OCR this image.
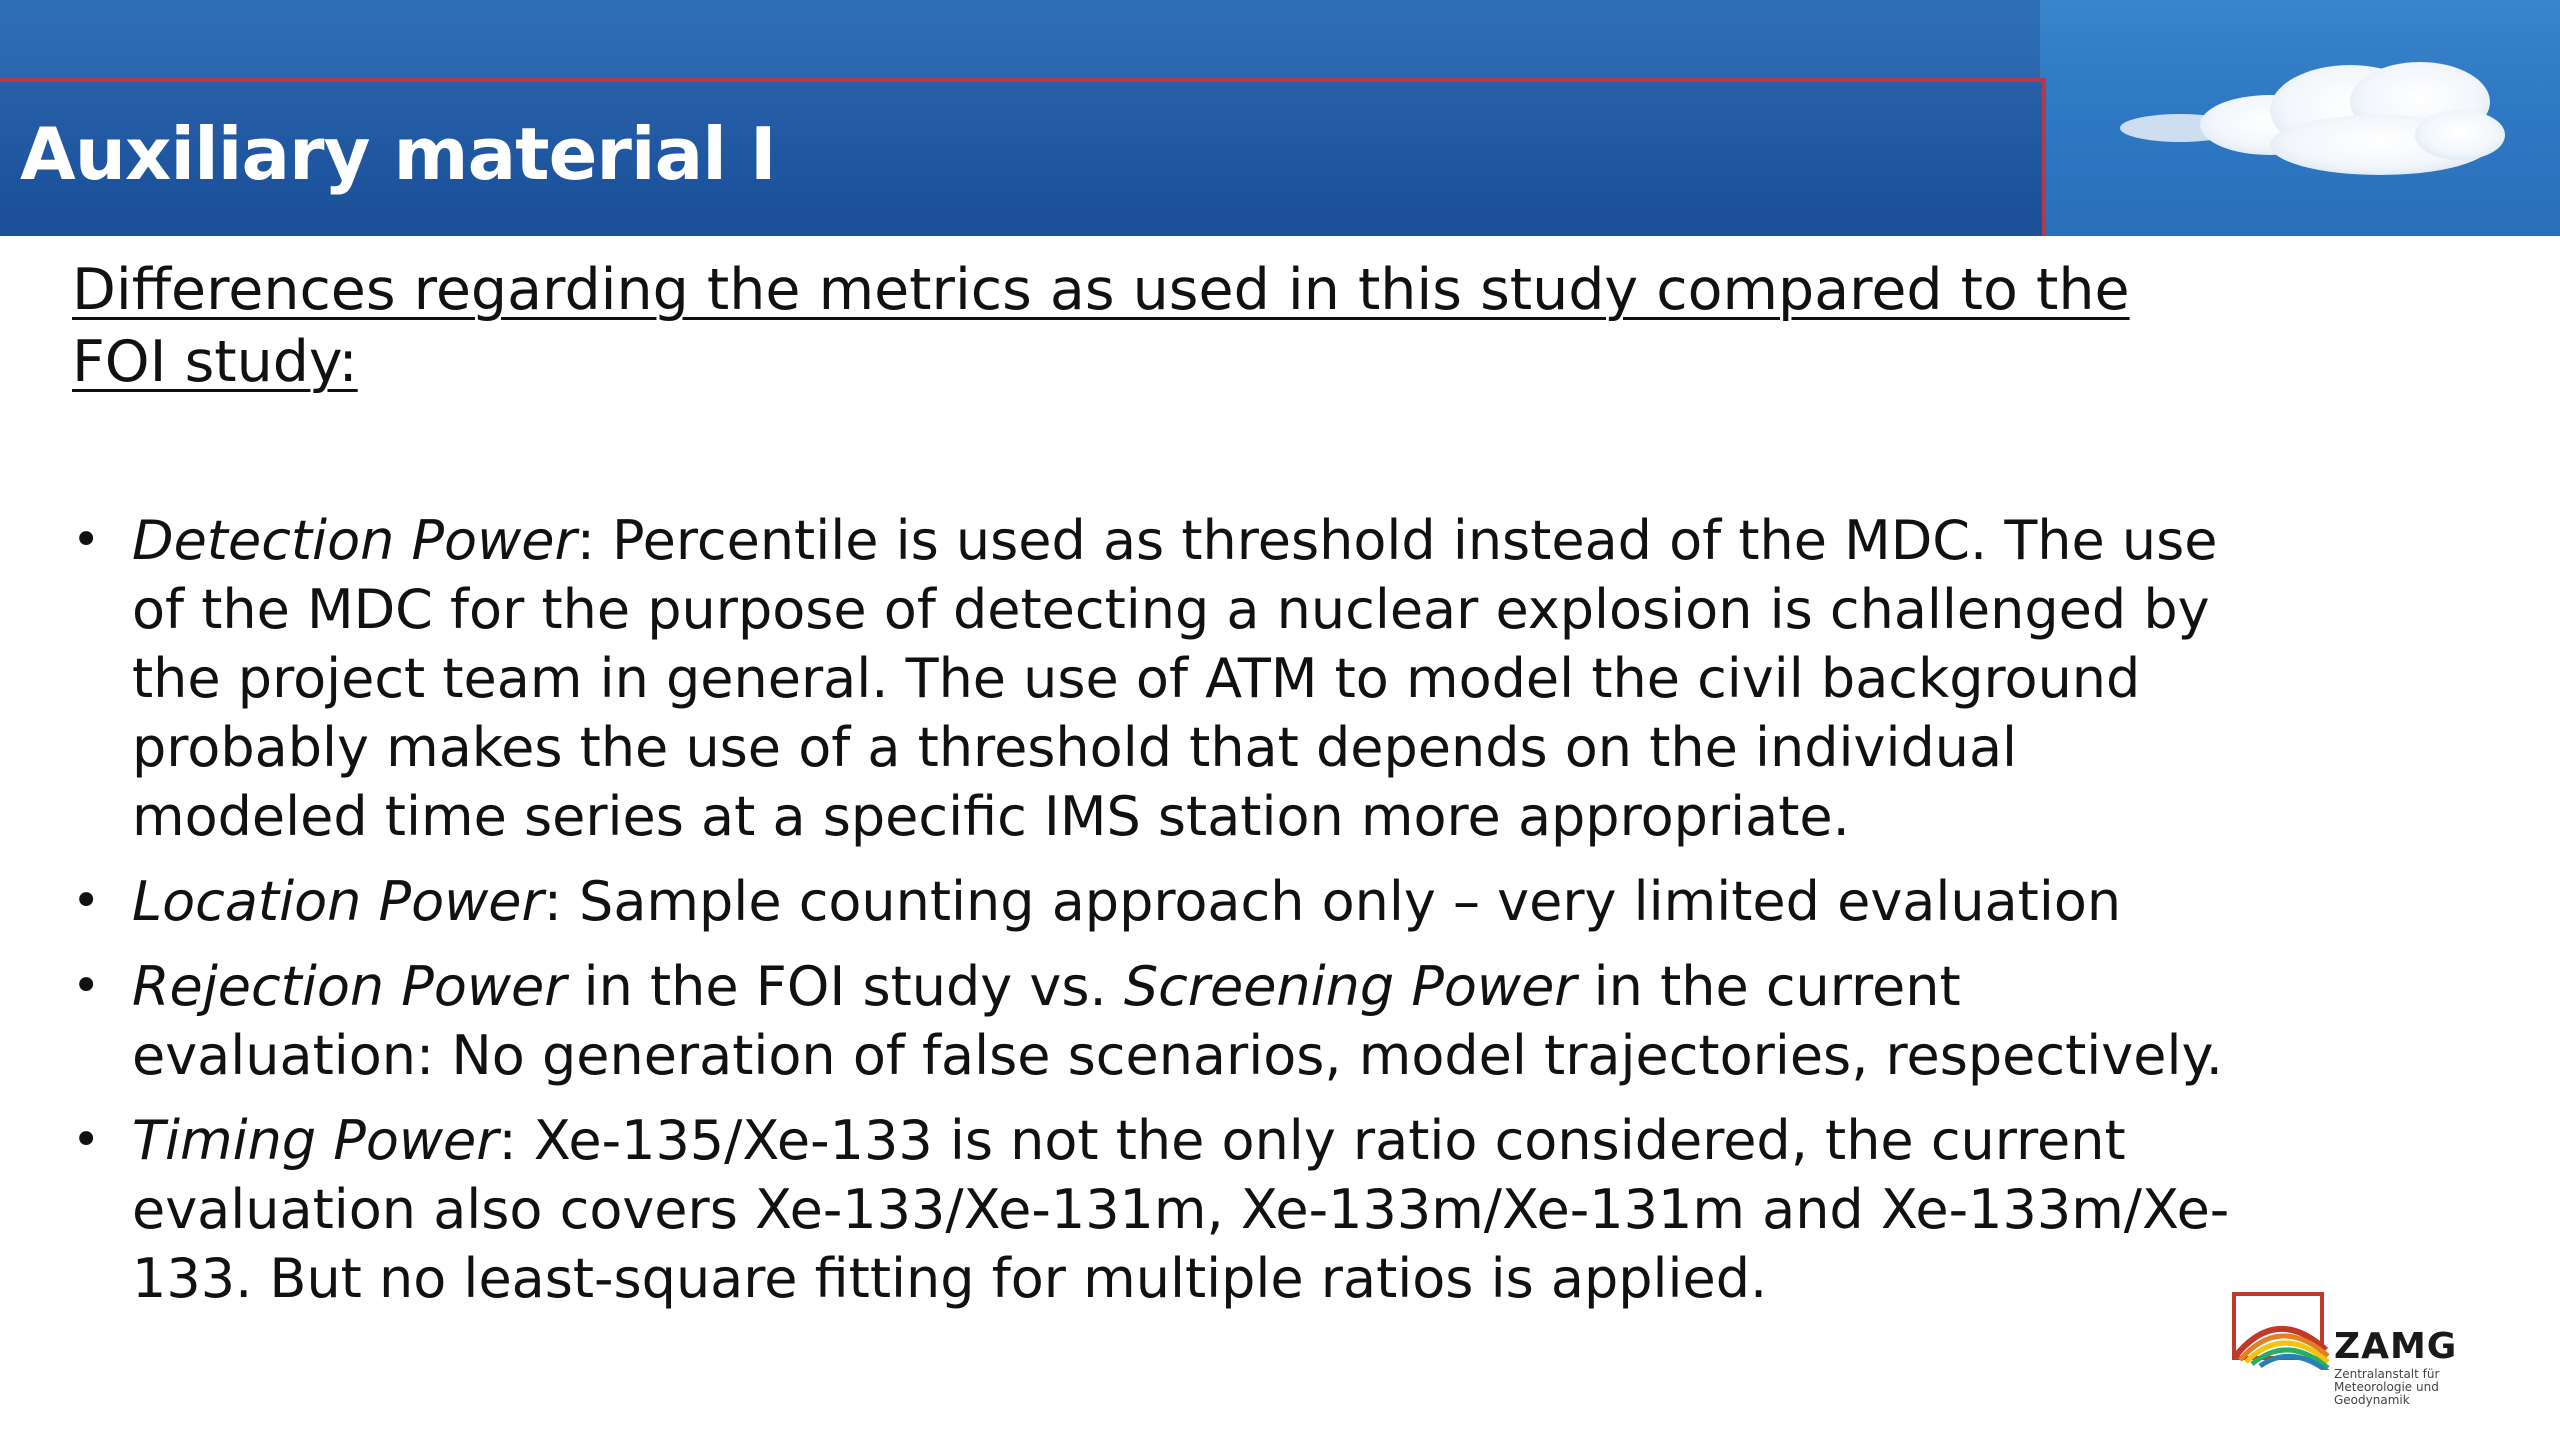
Auxiliary material I
Differences regarding the metrics as used in this study compared to the FOI study:
• Detection Power: Percentile is used as threshold instead of the MDC. The use of the MDC for the purpose of detecting a nuclear explosion is challenged by the project team in general. The use of ATM to model the civil background probably makes the use of a threshold that depends on the individual modeled time series at a specific IMS station more appropriate.
• Location Power: Sample counting approach only – very limited evaluation
• Rejection Power in the FOI study vs. Screening Power in the current evaluation: No generation of false scenarios, model trajectories, respectively.
• Timing Power: Xe-135/Xe-133 is not the only ratio considered, the current evaluation also covers Xe-133/Xe-131m, Xe-133m/Xe-131m and Xe-133m/Xe-133. But no least-square fitting for multiple ratios is applied.
ZAMG
Zentralanstalt für Meteorologie und Geodynamik
